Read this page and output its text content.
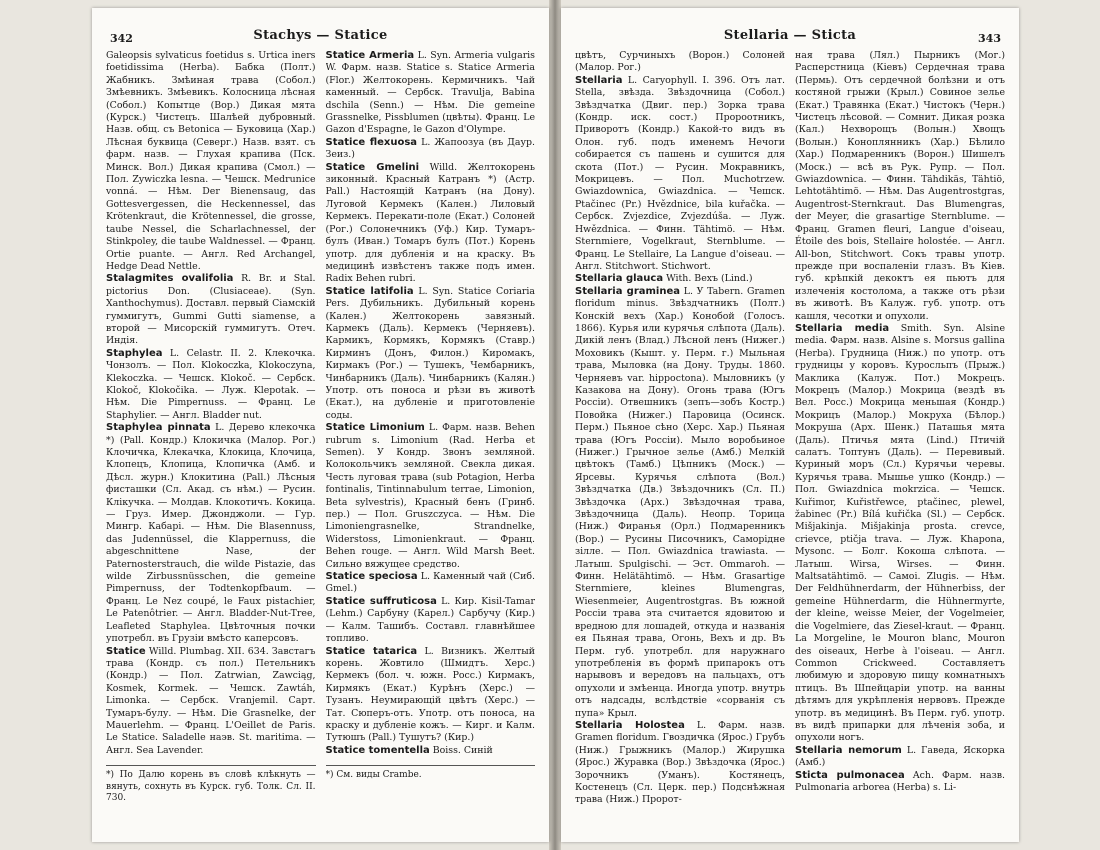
342	Stachys — Statice

Galeopsis sylvaticus foetidus s. Urtica iners foetidissima (Herba). Бабка (Полт.) Жабникъ. Змѣиная трава (Собол.) Змѣевникъ. Змѣевикъ. Колосница лѣсная (Собол.) Копытце (Вор.) Дикая мята (Курск.) Чистецъ. Шалѣей дубровный. Назв. общ. съ Betonica — Буковица (Хар.) Лѣсная буквица (Северг.) Назв. взят. съ фарм. назв. — Глухая крапива (Пск. Минск. Вол.) Дикая крапива (Смол.) — Пол. Zywiczka lesna. — Чешск. Medrunice vonná. — Нѣм. Der Bienensaug, das Gottesvergessen, die Heckennessel, das Krötenkraut, die Krötennessel, die grosse, taube Nessel, die Scharlachnessel, der Stinkpoley, die taube Waldnessel. — Франц. Ortie puante. — Англ. Red Archangel, Hedge Dead Nettle.

Stalagmites ovalifolia R. Br. и Stal. pictorius Don. (Clusiaceae). (Syn. Xanthochymus). Доставл. первый Сiамскiй гуммигутъ, Gummi Gutti siamense, а второй — Мисорскiй гуммигутъ. Отеч. Индiя.

Staphylea L. Celastr. II. 2. Клекочка. Чонзолъ. — Пол. Klokoczka, Klokoczyna, Klekoczka. — Чешск. Klokoč. — Сербск. Klokoč, Klokočika. — Луж. Klepotak. — Нѣм. Die Pimpernuss. — Франц. Le Staphylier. — Англ. Bladder nut.

Staphylea pinnata L. Дерево клекочка *) (Pall. Кондр.) Клокичка (Малор. Рог.) Клочичка, Клекачка, Клокица, Клочица, Клопецъ, Клопица, Клопичка (Амб. и Дѣсл. журн.) Клокитина (Pall.) Лѣсныя фисташки (Сл. Акад. съ нѣм.) — Русин. Клiкучка. — Молдав. Клокотичъ. Кокица. — Груз. Имер. Джонджоли. — Гур. Мингр. Кабарi. — Нѣм. Die Blasennuss, das Judennüssel, die Klappernuss, die abgeschnittene Nase, der Paternosterstrauch, die wilde Pistazie, das wilde Zirbussnüsschen, die gemeine Pimpernuss, der Todtenkopfbaum. — Франц. Le Nez coupé, le Faux pistachier, Le Patenôtrier. — Англ. Bladder-Nut-Tree, Leafleted Staphylea. Цвѣточныя почки употребл. въ Грузiи вмѣсто каперсовъ.

Statice Willd. Plumbag. XII. 634. Завстагъ трава (Кондр. съ пол.) Петельникъ (Кондр.) — Пол. Zatrwian, Zawciąg, Kosmek, Kormek. — Чешск. Zawtáh, Limonka. — Сербск. Vranjemil. Сарт. Тумаръ-булу. — Нѣм. Die Grasnelke, der Mauerlehm. — Франц. L'Oeillet de Paris. Le Statice. Saladelle наэв. St. maritima. — Англ. Sea Lavender.

*) По Далю корень въ словѣ клѣкнуть — вянуть, сохнуть въ Курск. губ. Толк. Сл. II. 730.

Statice Armeria L. Syn. Armeria vulgaris W. Фарм. назв. Statice s. Statice Armeria (Flor.) Желтокорень. Кермичникъ. Чай каменный. — Сербск. Travulja, Babina dschila (Senn.) — Нѣм. Die gemeine Grassnelke, Pissblumen (цвѣты). Франц. Le Gazon d'Espagne, le Gazon d'Olympe.

Statice flexuosa L. Жапоозуа (въ Даур. Зеиз.)

Statice Gmelini Willd. Желтокорень зиконный. Красный Катранъ *) (Астр. Pall.) Настоящiй Катранъ (на Дону). Луговой Кермекъ (Кален.) Лиловый Кермекъ. Перекати-поле (Екат.) Солоней (Рог.) Солонечникъ (Уф.) Кир. Тумаръ-булъ (Иван.) Томаръ булъ (Пот.) Корень употр. для дубленiя и на краску. Въ медицинѣ извѣстенъ также подъ имен. Radix Behen rubri.

Statice latifolia L. Syn. Statice Coriaria Pers. Дубильникъ. Дубильный корень (Кален.) Желтокорень завязный. Кармекъ (Даль). Кермекъ (Черняевъ). Кармикъ, Кормякъ, Кормякъ (Ставр.) Кирминъ (Донъ, Филон.) Киромакъ, Кирмакъ (Рог.) — Тушекъ, Чембарникъ, Чинбарникъ (Даль). Чинбарникъ (Калян.) Употр. отъ поноса и рѣзи въ животѣ (Екат.), на дубленiе и приготовленiе соды.

Statice Limonium L. Фарм. назв. Behen rubrum s. Limonium (Rad. Herba et Semen). У Кондр. Звонъ земляной. Колокольчикъ земляной. Свекла дикая. Честь луговая трава (sub Potagion, Herba fontinalis, Tintinnabulum terrae, Limonion, Beta sylvestris), Красный бенъ (Гринб. пер.) — Пол. Gruszczyca. — Нѣм. Die Limoniengrasnelke, Strandnelke, Widerstoss, Limonienkraut. — Франц. Behen rouge. — Англ. Wild Marsh Beet. Сильно вяжущее средство.

Statice speciosa L. Каменный чай (Сиб. Gmel.)

Statice suffruticosa L. Кир. Kisil-Tamar (Lehm.) Сарбуну (Карел.) Сарбучу (Кир.) — Калм. Ташибъ. Составл. главнѣйшее топливо.

Statice tatarica L. Визникъ. Желтый корень. Жовтило (Шмидтъ. Херс.) Кермекъ (бол. ч. южн. Росс.) Кирмакъ, Кирмякъ (Екат.) Курѣнъ (Херс.) — Тузанъ. Неумирающiй цвѣтъ (Херс.) — Тат. Сюперъ-отъ. Употр. отъ поноса, на краску и дубленiе кожъ. — Кирг. и Калм. Тутюшъ (Pall.) Тушутъ? (Кир.)

Statice tomentella Boiss. Синiй

*) См. виды Crambe.
Stellaria — Sticta	343

цвѣтъ, Сурчиныхъ (Ворон.) Солоней (Малор. Рог.)

Stellaria L. Caryophyll. I. 396. Отъ лат. Stella, звѣзда. Звѣздочница (Собол.) Звѣздчатка (Двиг. пер.) Зорка трава (Кондр. иск. сост.) Пророотникъ, Приворотъ (Кондр.) Какой-то видъ въ Олон. губ. подъ именемъ Нечоги собирается съ пашень и сушится для скота (Пот.) — Русин. Мокравникъ, Мокрицевъ. — Пол. Muchotrzew. Gwiazdownica, Gwiazdnica. — Чешск. Ptačinec (Pr.) Hvězdnice, bila kuřačka. — Сербск. Zvjezdice, Zvjezdúša. — Луж. Hwězdnica. — Финн. Tähtimö. — Нѣм. Sternmiere, Vogelkraut, Sternblume. — Франц. Le Stellaire, La Langue d'oiseau. — Англ. Stitchwort. Stichwort.

Stellaria glauca With. Вехъ (Lind.)

Stellaria graminea L. У Tabern. Gramen floridum minus. Звѣздчатникъ (Полт.) Конскiй вехъ (Хар.) Конобой (Голосъ. 1866). Курья или курячья слѣпота (Даль). Дикiй ленъ (Влад.) Лѣсной ленъ (Нижег.) Моховикъ (Кышт. у. Перм. г.) Мыльная трава, Мыловка (на Дону. Труды. 1860. Черняевъ var. hippoctona). Мыловникъ (у Казакова на Дону). Огонь трава (Югъ Россiи). Отвешникъ (зепъ—зобъ Костр.) Повойка (Нижег.) Паровица (Осинск. Перм.) Пьяное сѣно (Херс. Хар.) Пьяная трава (Югъ Россiи). Мыло воробьиное (Нижег.) Грычное зелье (Амб.) Мелкiй цвѣтокъ (Тамб.) Цѣпникъ (Моск.) — Ярсевы. Курячья слѣпота (Вол.) Звѣздчатка (Дв.) Звѣздочникъ (Сл. П.) Звѣздочка (Арх.) Звѣздочная трава, Звѣздочница (Даль). Неопр. Торица (Ниж.) Фиранья (Орл.) Подмаренникъ (Вор.) — Русины Писочникъ, Саморiдне зiлле. — Пол. Gwiazdnica trawiasta. — Латыш. Spulgischi. — Эст. Ommaroh. — Финн. Helätähtimö. — Нѣм. Grasartige Sternmiere, kleines Blumengras, Wiesenmeier, Augentrostgras. Въ южной Россiи трава эта считается ядовитою и вредною для лошадей, откуда и названiя ея Пьяная трава, Огонь, Вехъ и др. Въ Перм. губ. употребл. для наружнаго употребленiя въ формѣ припарокъ отъ нарывовъ и вередовъ на пальцахъ, отъ опухоли и змѣенца. Иногда употр. внутрь отъ надсады, вслѣдствiе «сорванiя съ пупа» Крыл.

Stellaria Holostea L. Фарм. назв. Gramen floridum. Гвоздичка (Ярос.) Грубъ (Ниж.) Грыжникъ (Малор.) Жирушка (Ярос.) Журавка (Вор.) Звѣздочка (Ярос.) Зорочникъ (Уманъ). Костянецъ, Костенецъ (Сл. Церк. пер.) Подснѣжная трава (Ниж.) Пророт-

ная трава (Лял.) Пырникъ (Мог.) Расперстница (Кiевъ) Сердечная трава (Пермь). Отъ сердечной болѣзни и отъ костяной грыжи (Крыл.) Совиное зелье (Екат.) Травянка (Екат.) Чистокъ (Черн.) Чистецъ лѣсовой. — Сомнит. Дикая розка (Кал.) Нехворощъ (Волын.) Хвощъ (Волын.) Коноплянникъ (Хар.) Бѣлило (Хар.) Подмаренникъ (Ворон.) Шишелъ (Моск.) — всѣ въ Рук. Рупр. — Пол. Gwiazdownica. — Финн. Tähdikäs, Tähtiö, Lehtotähtimö. — Нѣм. Das Augentrostgras, Augentrost-Sternkraut. Das Blumengras, der Meyer, die grasartige Sternblume. — Франц. Gramen fleuri, Langue d'oiseau, Étoile des bois, Stellaire holostée. — Англ. All-bon, Stitchwort. Сокъ травы употр. прежде при воспаленiи глазъ. Въ Кiев. губ. крѣпкiй декоктъ ея пьютъ для излеченiя костолома, а также отъ рѣзи въ животѣ. Въ Калуж. губ. употр. отъ кашля, чесотки и опухоли.

Stellaria media Smith. Syn. Alsine media. Фарм. назв. Alsine s. Morsus gallina (Herba). Грудница (Ниж.) по употр. отъ грудницы у коровъ. Куросльпъ (Прыж.) Маклика (Калуж. Пот.) Мокрецъ. Мокрецъ (Малор.) Мокрица (вездѣ въ Вел. Росс.) Мокрица меньшая (Кондр.) Мокрицъ (Малор.) Мокруха (Бѣлор.) Мокруша (Арх. Шенк.) Паташья мята (Даль). Птичья мята (Lind.) Птичiй салатъ. Топтунъ (Даль). — Перевивый. Куриный моръ (Сл.) Курячьи черевы. Курячья трава. Мышье ушко (Кондр.) — Пол. Gwiazdnica mokrzica. — Чешск. Kuřimor, Kuřistřewce, ptačinec, plewel, žabinec (Pr.) Bílá kuřička (Sl.) — Сербск. Mišjakinja. Mišjakinja prosta. crevce, crievce, ptičja trava. — Луж. Khapona, Mysonc. — Болг. Кокоша слѣпота. — Латыш. Wirsa, Wirses. — Финн. Maltsatähtimö. — Самоі. Zlugis. — Нѣм. Der Feldhühnerdarm, der Hühnerbiss, der gemeine Hühnerdarm, die Hühnermyrte, der kleine, weisse Meier, der Vogelmeier, die Vogelmiere, das Ziesel-kraut. — Франц. La Morgeline, le Mouron blanc, Mouron des oiseaux, Herbe à l'oiseau. — Англ. Common Crickweed. Составляетъ любимую и здоровую пищу комнатныхъ птицъ. Въ Шпейцарiи употр. на ванны дѣтямъ для укрѣпленiя нервовъ. Прежде употр. въ медицинѣ. Въ Перм. губ. употр. въ видѣ припарки для лѣченiя зоба, и опухоли ногъ.

Stellaria nemorum L. Гаведа, Яскорка (Амб.)

Sticta pulmonacea Ach. Фарм. назв. Pulmonaria arborea (Herba) s. Li-
